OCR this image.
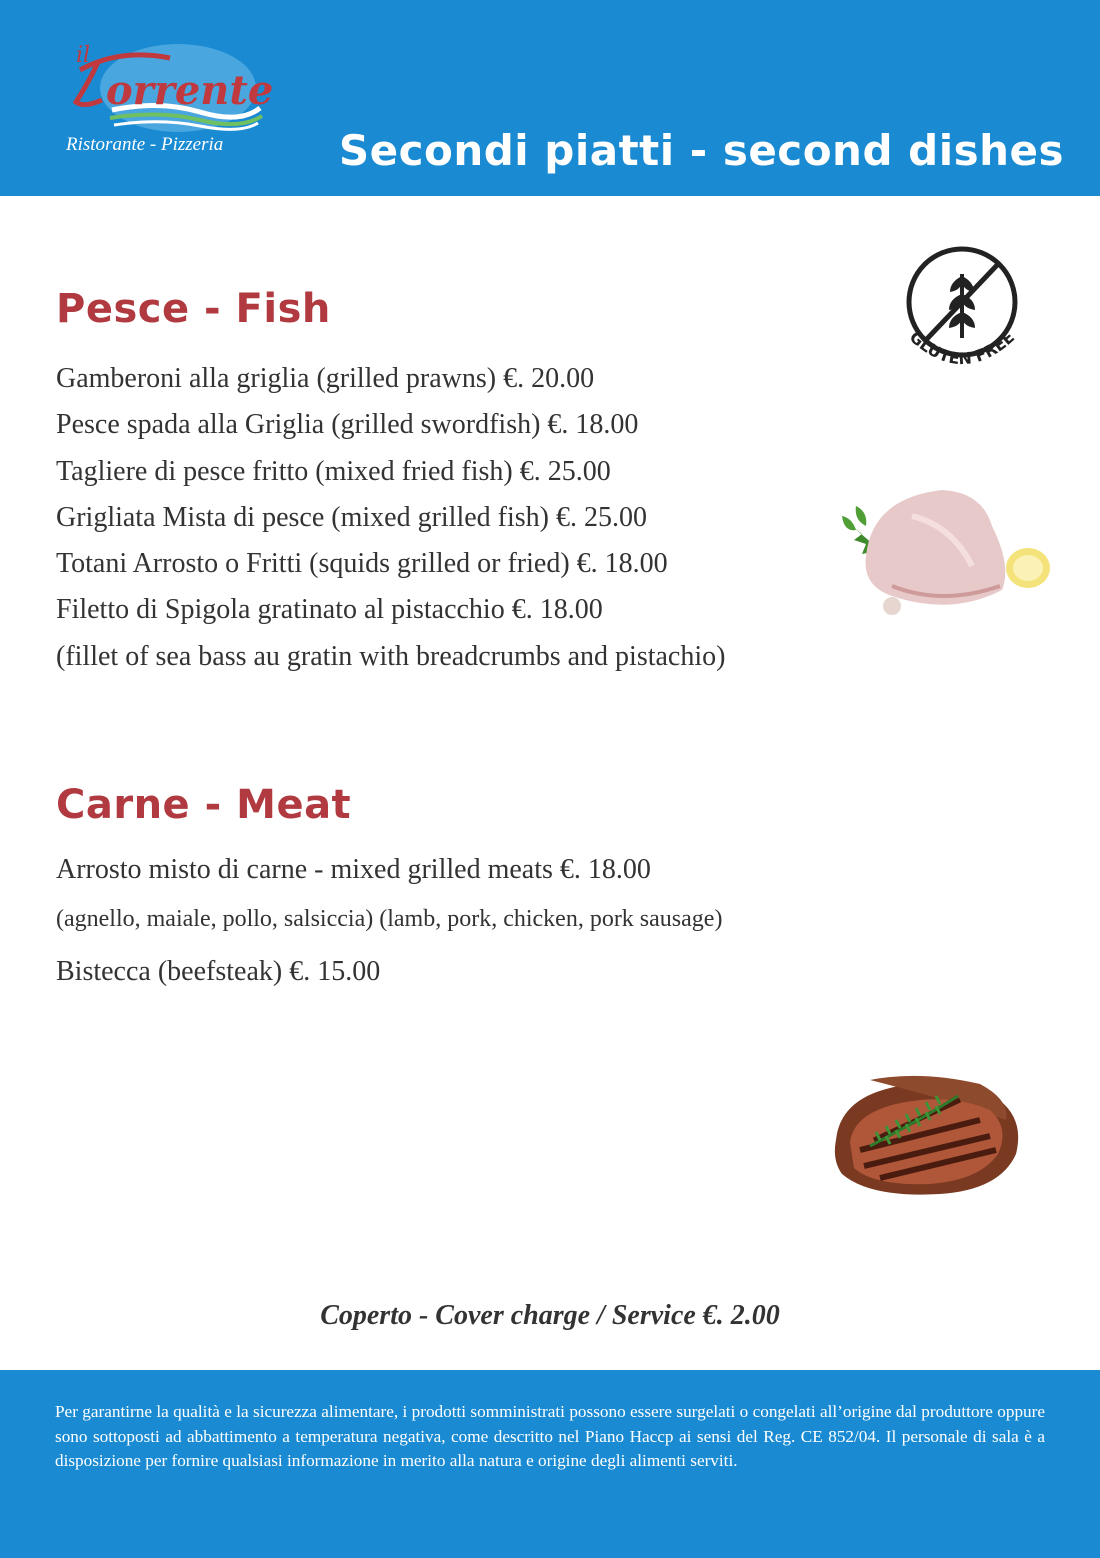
orrente
il
Ristorante - Pizzeria	Secondi piatti - second dishes
Pesce - Fish
Gamberoni alla griglia (grilled prawns) €. 20.00
Pesce spada alla Griglia (grilled swordfish) €. 18.00
Tagliere di pesce fritto (mixed fried fish) €. 25.00
Grigliata Mista di pesce (mixed grilled fish) €. 25.00
Totani Arrosto o Fritti (squids grilled or fried) €. 18.00
Filetto di Spigola gratinato al pistacchio €. 18.00
(fillet of sea bass au gratin with breadcrumbs and pistachio)
GLUTEN FREE
Carne - Meat
Arrosto misto di carne - mixed grilled meats €. 18.00
(agnello, maiale, pollo, salsiccia) (lamb, pork, chicken, pork sausage)
Bistecca (beefsteak) €. 15.00
Coperto - Cover charge / Service €. 2.00
Per garantirne la qualità e la sicurezza alimentare, i prodotti somministrati possono essere surgelati o congelati all’origine dal produttore oppure sono sottoposti ad abbattimento a temperatura negativa, come descritto nel Piano Haccp ai sensi del Reg. CE 852/04. Il personale di sala è a disposizione per fornire qualsiasi informazione in merito alla natura e origine degli alimenti serviti.
